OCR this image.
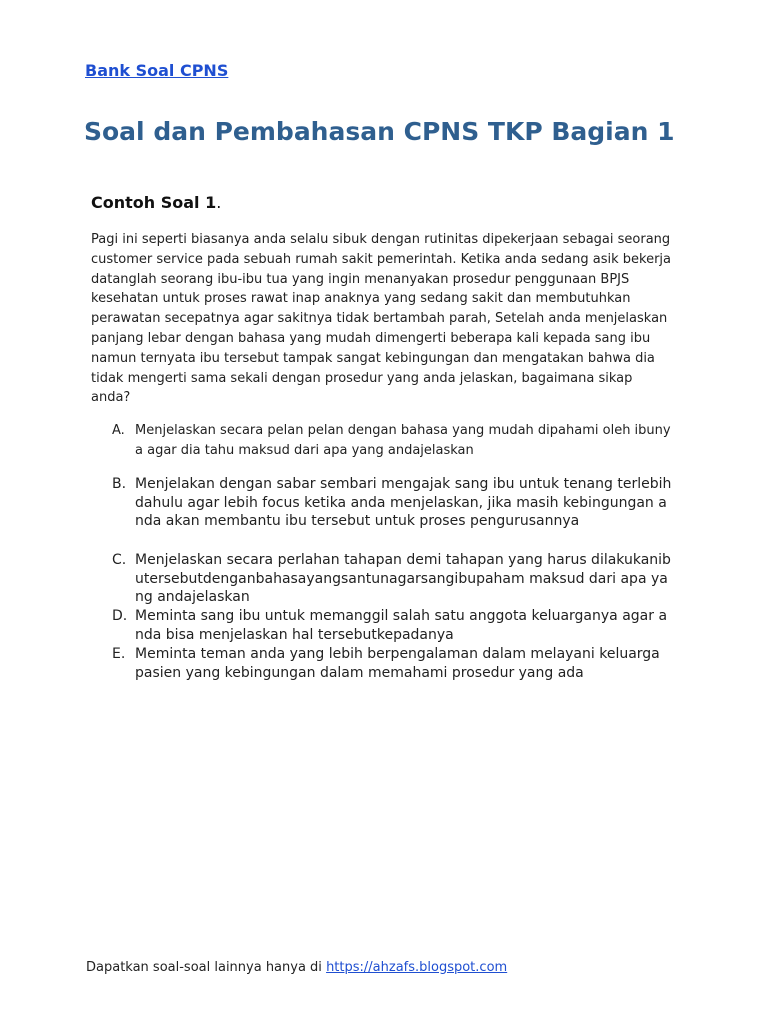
Bank Soal CPNS
Soal dan Pembahasan CPNS TKP Bagian 1
Contoh Soal 1.

Pagi ini seperti biasanya anda selalu sibuk dengan rutinitas dipekerjaan sebagai seorang customer service pada sebuah rumah sakit pemerintah. Ketika anda sedang asik bekerja datanglah seorang ibu-ibu tua yang ingin menanyakan prosedur penggunaan BPJS kesehatan untuk proses rawat inap anaknya yang sedang sakit dan membutuhkan perawatan secepatnya agar sakitnya tidak bertambah parah, Setelah anda menjelaskan panjang lebar dengan bahasa yang mudah dimengerti beberapa kali kepada sang ibu namun ternyata ibu tersebut tampak sangat kebingungan dan mengatakan bahwa dia tidak mengerti sama sekali dengan prosedur yang anda jelaskan, bagaimana sikap anda?

A. Menjelaskan secara pelan pelan dengan bahasa yang mudah dipahami oleh ibunya agar dia tahu maksud dari apa yang andajelaskan
B. Menjelakan dengan sabar sembari mengajak sang ibu untuk tenang terlebih dahulu agar lebih focus ketika anda menjelaskan, jika masih kebingungan anda akan membantu ibu tersebut untuk proses pengurusannya
C. Menjelaskan secara perlahan tahapan demi tahapan yang harus dilakukanibutersebutdenganbahasayangsantunagarsangibupaham maksud dari apa yang andajelaskan
D. Meminta sang ibu untuk memanggil salah satu anggota keluarganya agar anda bisa menjelaskan hal tersebutkepadanya
E. Meminta teman anda yang lebih berpengalaman dalam melayani keluarga pasien yang kebingungan dalam memahami prosedur yang ada
Dapatkan soal-soal lainnya hanya di https://ahzafs.blogspot.com
